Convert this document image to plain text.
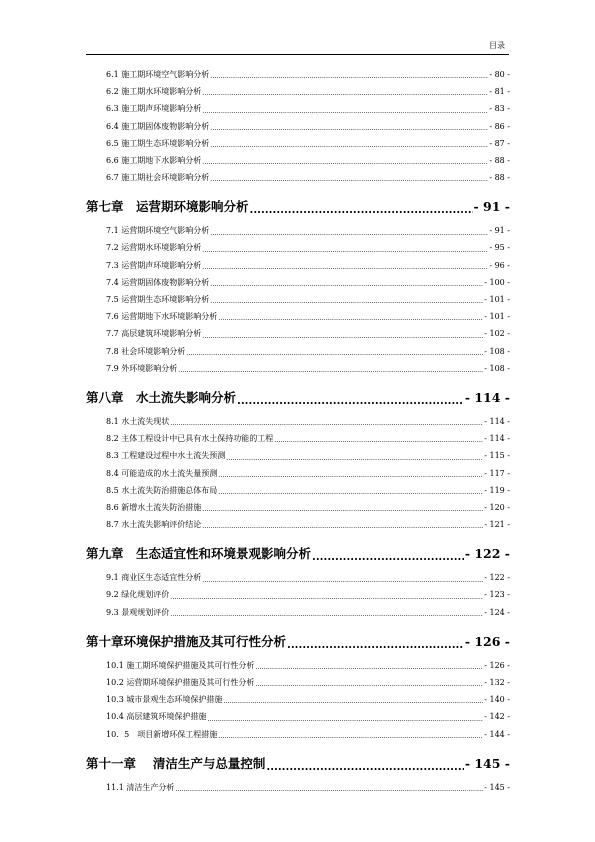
目录
6.1 施工期环境空气影响分析 .....	- 80 -
6.2 施工期水环境影响分析 .....	- 81 -
6.3 施工期声环境影响分析 .....	- 83 -
6.4 施工期固体废物影响分析 .....	- 86 -
6.5 施工期生态环境影响分析 .....	- 87 -
6.6 施工期地下水影响分析 .....	- 88 -
6.7 施工期社会环境影响分析 .....	- 88 -
第七章　运营期环境影响分析 .....	- 91 -
7.1 运营期环境空气影响分析 .....	- 91 -
7.2 运营期水环境影响分析 .....	- 95 -
7.3 运营期声环境影响分析 .....	- 96 -
7.4 运营期固体废物影响分析 .....	- 100 -
7.5 运营期生态环境影响分析 .....	- 101 -
7.6 运营期地下水环境影响分析 .....	- 101 -
7.7 高层建筑环境影响分析 .....	- 102 -
7.8 社会环境影响分析 .....	- 108 -
7.9 外环境影响分析 .....	- 108 -
第八章　水土流失影响分析 .....	- 114 -
8.1 水土流失现状 .....	- 114 -
8.2 主体工程设计中已具有水土保持功能的工程 .....	- 114 -
8.3 工程建设过程中水土流失预测 .....	- 115 -
8.4 可能造成的水土流失量预测 .....	- 117 -
8.5 水土流失防治措施总体布局 .....	- 119 -
8.6 新增水土流失防治措施 .....	- 120 -
8.7 水土流失影响评价结论 .....	- 121 -
第九章　生态适宜性和环境景观影响分析 .....	- 122 -
9.1 商业区生态适宜性分析 .....	- 122 -
9.2 绿化规划评价 .....	- 123 -
9.3 景观规划评价 .....	- 124 -
第十章环境保护措施及其可行性分析 .....	- 126 -
10.1 施工期环境保护措施及其可行性分析 .....	- 126 -
10.2 运营期环境保护措施及其可行性分析 .....	- 132 -
10.3 城市景观生态环境保护措施 .....	- 140 -
10.4 高层建筑环境保护措施 .....	- 142 -
10．5　项目新增环保工程措施 .....	- 144 -
第十一章　 清洁生产与总量控制 .....	- 145 -
11.1 清洁生产分析 .....	- 145 -
